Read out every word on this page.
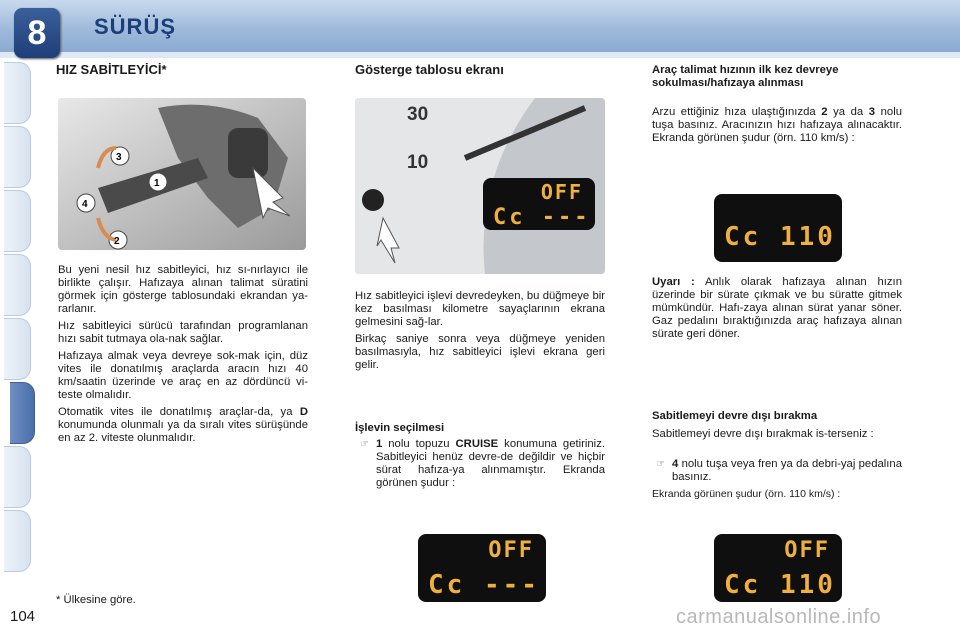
8	SÜRÜŞ
104
HIZ SABİTLEYİCİ*
3
1
4
2

Bu yeni nesil hız sabitleyici, hız sı-nırlayıcı ile birlikte çalışır. Hafızaya alınan talimat süratini görmek için gösterge tablosundaki ekrandan ya-rarlanır.

Hız sabitleyici sürücü tarafından programlanan hızı sabit tutmaya ola-nak sağlar.

Hafızaya almak veya devreye sok-mak için, düz vites ile donatılmış araçlarda aracın hızı 40 km/saatin üzerinde ve araç en az dördüncü vi-teste olmalıdır.

Otomatik vites ile donatılmış araçlar-da, ya D konumunda olunmalı ya da sıralı vites sürüşünde en az 2. viteste olunmalıdır.

* Ülkesine göre.
Gösterge tablosu ekranı
30
10
OFF
Cc ---

Hız sabitleyici işlevi devredeyken, bu düğmeye bir kez basılması kilometre sayaçlarının ekrana gelmesini sağ-lar.

Birkaç saniye sonra veya düğmeye yeniden basılmasıyla, hız sabitleyici işlevi ekrana geri gelir.

İşlevin seçilmesi
☞ 1 nolu topuzu CRUISE konumuna getiriniz. Sabitleyici henüz devre-de değildir ve hiçbir sürat hafıza-ya alınmamıştır. Ekranda görünen şudur :
OFF
Cc ---
Araç talimat hızının ilk kez devreye sokulması/hafızaya alınması
Arzu ettiğiniz hıza ulaştığınızda 2 ya da 3 nolu tuşa basınız. Aracınızın hızı hafızaya alınacaktır. Ekranda görünen şudur (örn. 110 km/s) :
Cc 110
Uyarı : Anlık olarak hafızaya alınan hızın üzerinde bir sürate çıkmak ve bu süratte gitmek mümkündür. Hafı-zaya alınan sürat yanar söner. Gaz pedalını bıraktığınızda araç hafızaya alınan sürate geri döner.
Sabitlemeyi devre dışı bırakma
Sabitlemeyi devre dışı bırakmak is-terseniz :
☞ 4 nolu tuşa veya fren ya da debri-yaj pedalına basınız.
Ekranda görünen şudur (örn. 110 km/s) :
OFF
Cc 110
carmanualsonline.info
